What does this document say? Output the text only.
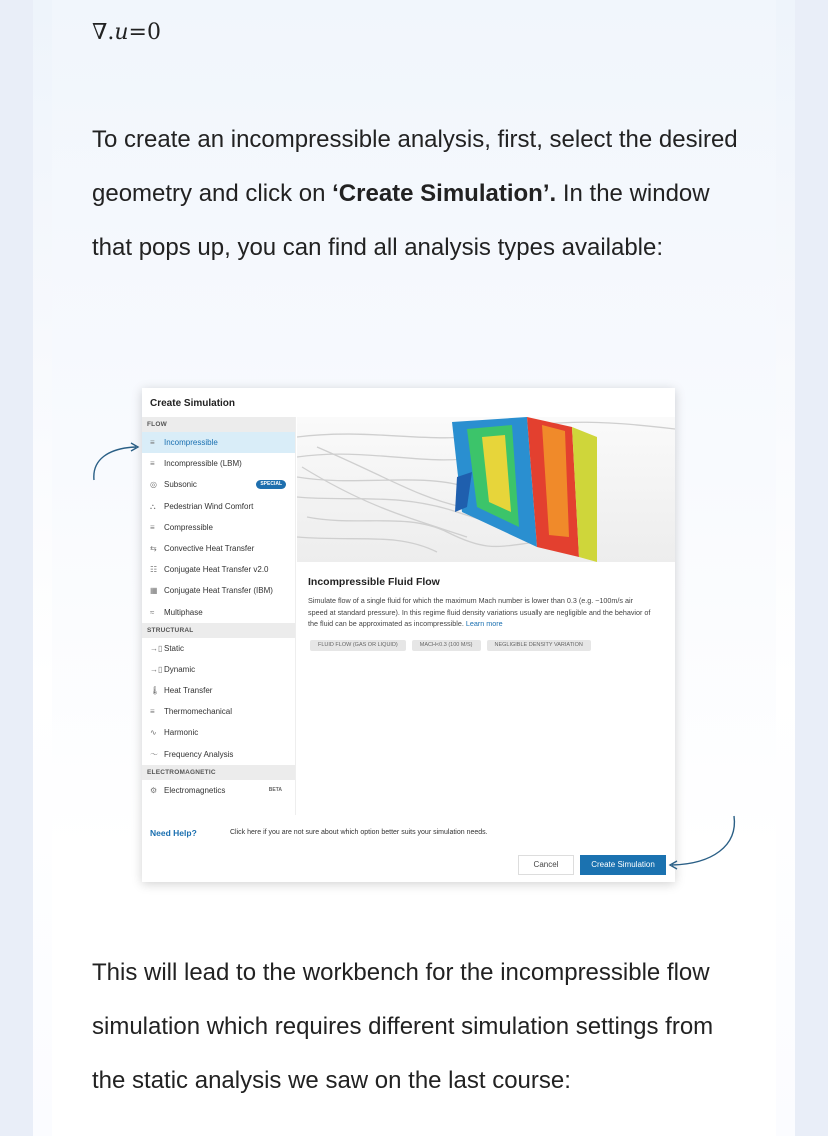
∇.u=0
To create an incompressible analysis, first, select the desired geometry and click on ‘Create Simulation’. In the window that pops up, you can find all analysis types available:
Create Simulation
FLOW
≡ Incompressible
≡ Incompressible (LBM)
◎ Subsonic	SPECIAL
⛬ Pedestrian Wind Comfort
≡ Compressible
⇆ Convective Heat Transfer
☷ Conjugate Heat Transfer v2.0
▦ Conjugate Heat Transfer (IBM)
≈ Multiphase
STRUCTURAL
→▯ Static
→▯ Dynamic
🌡 Heat Transfer
≡ Thermomechanical
∿ Harmonic
〜 Frequency Analysis
ELECTROMAGNETIC
⚙ Electromagnetics	BETA
Incompressible Fluid Flow
Simulate flow of a single fluid for which the maximum Mach number is lower than 0.3 (e.g. ~100m/s air speed at standard pressure). In this regime fluid density variations usually are negligible and the behavior of the fluid can be approximated as incompressible. Learn more
FLUID FLOW (GAS OR LIQUID)	MACH<0.3 (100 M/S)	NEGLIGIBLE DENSITY VARIATION
Need Help?	Click here if you are not sure about which option better suits your simulation needs.
Cancel	Create Simulation
This will lead to the workbench for the incompressible flow simulation which requires different simulation settings from the static analysis we saw on the last course:
